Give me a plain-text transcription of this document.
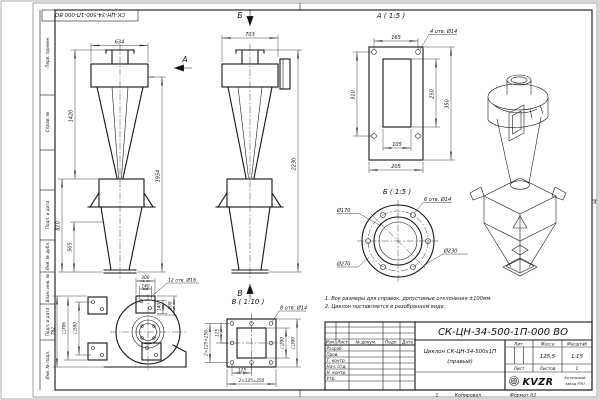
Перв. примен.
Справ. №
Подп. и дата
Инв. № дубл.
Взам. инв. №
Подп. и дата
Инв. № подл.
СК-ЦН-34-500-1П-000 ВО
634
1420
1954
810
505
А
Б
703
2230
В
А ( 1:5 )
165
4 отв. Ø14
310	250
350
105
205
Б ( 1:5 )
6 отв. Ø14
Ø170
Ø230
Ø270
В ( 1:10 )
8 отв. Ø14
2×125=250 125
□200 □300
125
2×125=250
200
140
12 отв. Ø18
140 200
762 □706 □580
1. Все размеры для справок, допустимые отклонения ±100мм.
2. Циклон поставляется в разобранном виде.
Изм. Лист № докум. Подп. Дата
Разраб.
Пров.
Т. контр.
Нач. отд.
Н. контр.
Утв.
СК-ЦН-34-500-1П-000 ВО
Циклон СК-ЦН-34-500х1П
(правый)
Лит.	Масса	Масштаб
125,5	1:15
Лист	Листов	1
KVZR	Котельный
завод РЭП
1	Копировал	Формат А3
А
